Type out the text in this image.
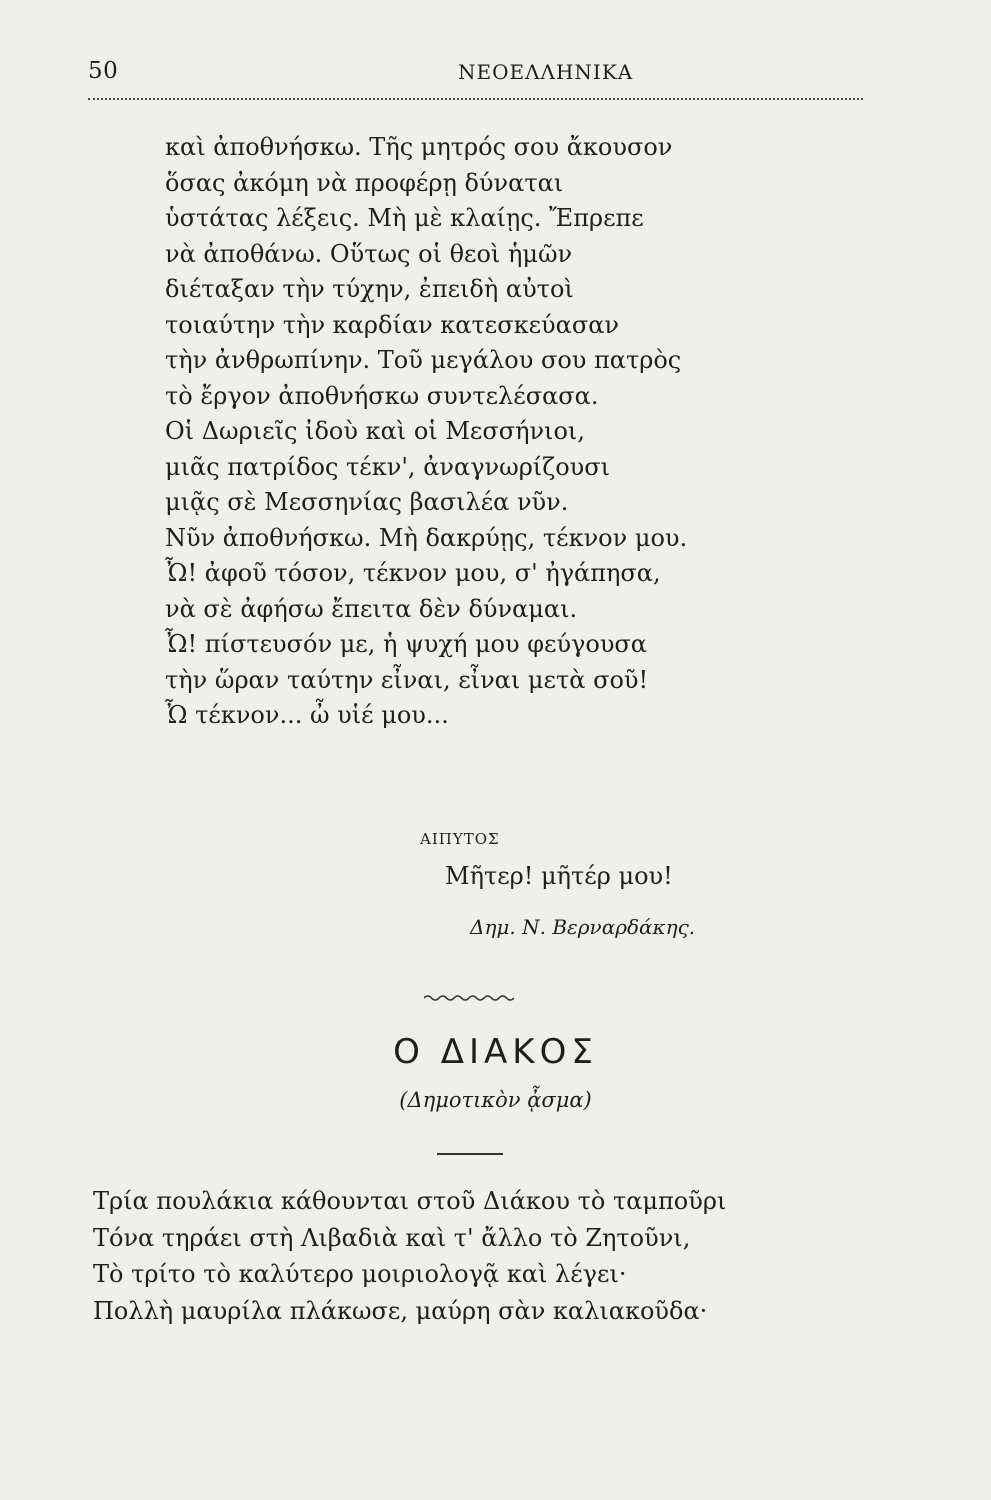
50	ΝΕΟΕΛΛΗΝΙΚΑ
καὶ ἀποθνήσκω. Τῆς μητρός σου ἄκουσον
ὅσας ἀκόμη νὰ προφέρῃ δύναται
ὑστάτας λέξεις. Μὴ μὲ κλαίῃς. Ἔπρεπε
νὰ ἀποθάνω. Οὕτως οἱ θεοὶ ἡμῶν
διέταξαν τὴν τύχην, ἐπειδὴ αὐτοὶ
τοιαύτην τὴν καρδίαν κατεσκεύασαν
τὴν ἀνθρωπίνην. Τοῦ μεγάλου σου πατρὸς
τὸ ἔργον ἀποθνήσκω συντελέσασα.
Οἱ Δωριεῖς ἰδοὺ καὶ οἱ Μεσσήνιοι,
μιᾶς πατρίδος τέκν', ἀναγνωρίζουσι
μιᾷς σὲ Μεσσηνίας βασιλέα νῦν.
Νῦν ἀποθνήσκω. Μὴ δακρύῃς, τέκνον μου.
Ὦ! ἀφοῦ τόσον, τέκνον μου, σ' ἠγάπησα,
νὰ σὲ ἀφήσω ἔπειτα δὲν δύναμαι.
Ὦ! πίστευσόν με, ἡ ψυχή μου φεύγουσα
τὴν ὥραν ταύτην εἶναι, εἶναι μετὰ σοῦ!
Ὦ τέκνον... ὦ υἱέ μου...
ΑΙΠΥΤΟΣ
Μῆτερ! μῆτέρ μου!
Δημ. Ν. Βερναρδάκης.
Ο ΔΙΑΚΟΣ
(Δημοτικὸν ᾆσμα)
Τρία πουλάκια κάθουνται στοῦ Διάκου τὸ ταμποῦρι
Τόνα τηράει στὴ Λιβαδιὰ καὶ τ' ἄλλο τὸ Ζητοῦνι,
Τὸ τρίτο τὸ καλύτερο μοιριολογᾷ καὶ λέγει·
Πολλὴ μαυρίλα πλάκωσε, μαύρη σὰν καλιακοῦδα·
